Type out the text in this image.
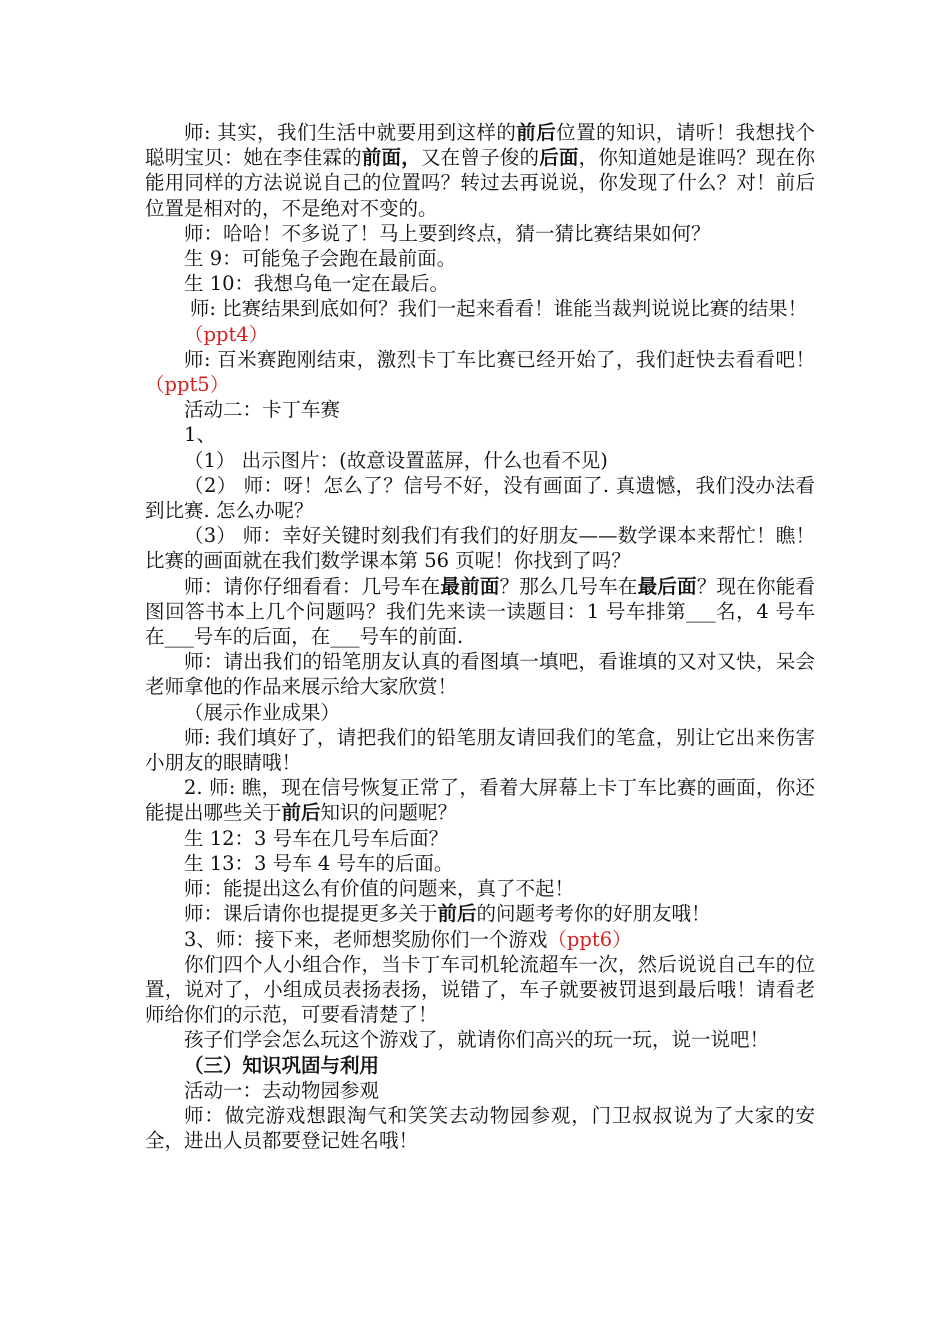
师: 其实，我们生活中就要用到这样的前后位置的知识，请听！我想找个聪明宝贝：她在李佳霖的前面，又在曾子俊的后面，你知道她是谁吗？现在你能用同样的方法说说自己的位置吗？转过去再说说，你发现了什么？对！前后位置是相对的，不是绝对不变的。

师：哈哈！不多说了！马上要到终点，猜一猜比赛结果如何？

生 9：可能兔子会跑在最前面。

生 10：我想乌龟一定在最后。

师: 比赛结果到底如何？我们一起来看看！谁能当裁判说说比赛的结果！

（ppt4）

师: 百米赛跑刚结束，激烈卡丁车比赛已经开始了，我们赶快去看看吧！（ppt5）

活动二：卡丁车赛

1、

（1） 出示图片：(故意设置蓝屏，什么也看不见)

（2） 师：呀！怎么了？信号不好，没有画面了. 真遗憾，我们没办法看到比赛. 怎么办呢？

（3） 师：幸好关键时刻我们有我们的好朋友——数学课本来帮忙！瞧！比赛的画面就在我们数学课本第 56 页呢！你找到了吗？

师：请你仔细看看：几号车在最前面？那么几号车在最后面？现在你能看图回答书本上几个问题吗？我们先来读一读题目：1 号车排第___名，4 号车在___号车的后面，在___号车的前面.

师：请出我们的铅笔朋友认真的看图填一填吧，看谁填的又对又快，呆会老师拿他的作品来展示给大家欣赏！

（展示作业成果）

师: 我们填好了，请把我们的铅笔朋友请回我们的笔盒，别让它出来伤害小朋友的眼睛哦！

2. 师: 瞧，现在信号恢复正常了，看着大屏幕上卡丁车比赛的画面，你还能提出哪些关于前后知识的问题呢？

生 12：3 号车在几号车后面？

生 13：3 号车 4 号车的后面。

师：能提出这么有价值的问题来，真了不起！

师：课后请你也提提更多关于前后的问题考考你的好朋友哦！

3、师：接下来，老师想奖励你们一个游戏（ppt6）

你们四个人小组合作，当卡丁车司机轮流超车一次，然后说说自己车的位置，说对了，小组成员表扬表扬，说错了，车子就要被罚退到最后哦！请看老师给你们的示范，可要看清楚了！

孩子们学会怎么玩这个游戏了，就请你们高兴的玩一玩，说一说吧！

（三）知识巩固与利用

活动一：去动物园参观

师：做完游戏想跟淘气和笑笑去动物园参观，门卫叔叔说为了大家的安全，进出人员都要登记姓名哦！
